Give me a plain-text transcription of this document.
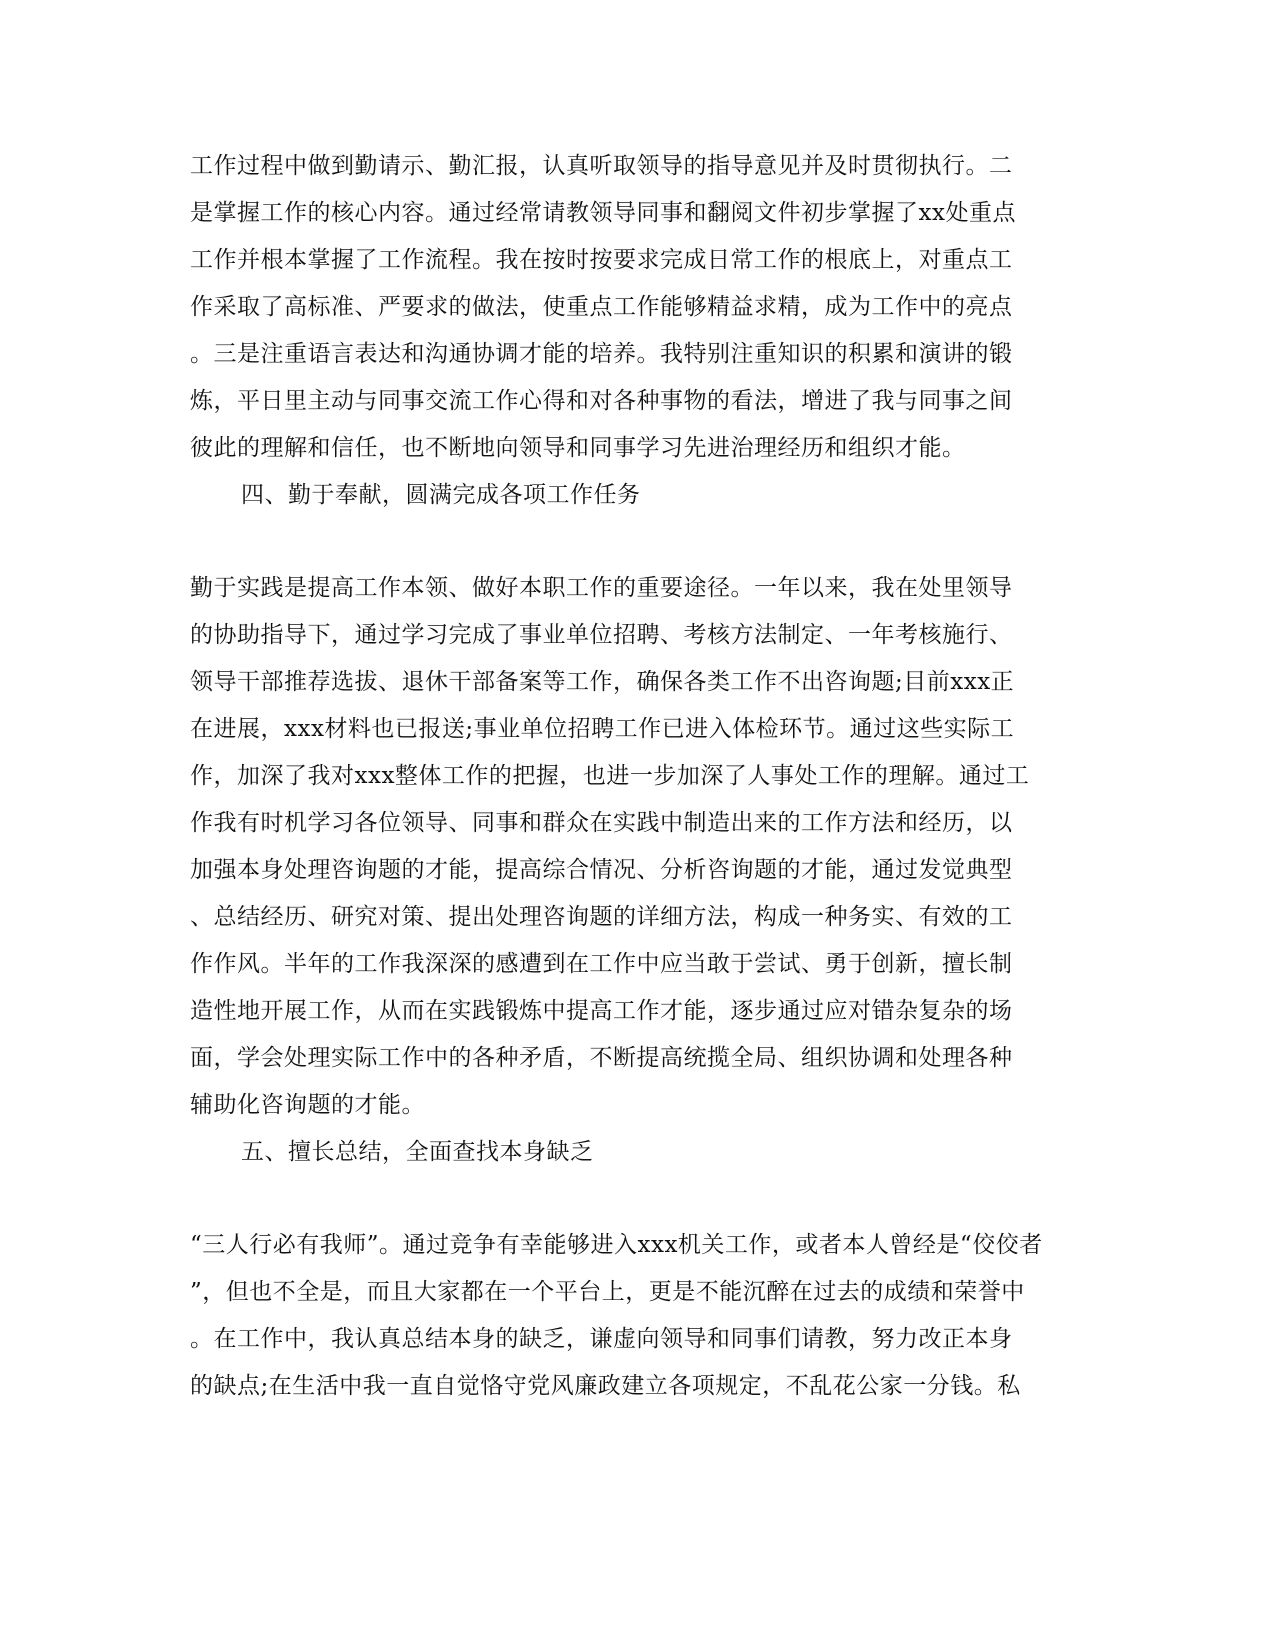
工作过程中做到勤请示、勤汇报，认真听取领导的指导意见并及时贯彻执行。二
是掌握工作的核心内容。通过经常请教领导同事和翻阅文件初步掌握了xx处重点
工作并根本掌握了工作流程。我在按时按要求完成日常工作的根底上，对重点工
作采取了高标准、严要求的做法，使重点工作能够精益求精，成为工作中的亮点
。三是注重语言表达和沟通协调才能的培养。我特别注重知识的积累和演讲的锻
炼，平日里主动与同事交流工作心得和对各种事物的看法，增进了我与同事之间
彼此的理解和信任，也不断地向领导和同事学习先进治理经历和组织才能。
四、勤于奉献，圆满完成各项工作任务
勤于实践是提高工作本领、做好本职工作的重要途径。一年以来，我在处里领导
的协助指导下，通过学习完成了事业单位招聘、考核方法制定、一年考核施行、
领导干部推荐选拔、退休干部备案等工作，确保各类工作不出咨询题;目前xxx正
在进展，xxx材料也已报送;事业单位招聘工作已进入体检环节。通过这些实际工
作，加深了我对xxx整体工作的把握，也进一步加深了人事处工作的理解。通过工
作我有时机学习各位领导、同事和群众在实践中制造出来的工作方法和经历，以
加强本身处理咨询题的才能，提高综合情况、分析咨询题的才能，通过发觉典型
、总结经历、研究对策、提出处理咨询题的详细方法，构成一种务实、有效的工
作作风。半年的工作我深深的感遭到在工作中应当敢于尝试、勇于创新，擅长制
造性地开展工作，从而在实践锻炼中提高工作才能，逐步通过应对错杂复杂的场
面，学会处理实际工作中的各种矛盾，不断提高统揽全局、组织协调和处理各种
辅助化咨询题的才能。
五、擅长总结，全面查找本身缺乏
“三人行必有我师”。通过竞争有幸能够进入xxx机关工作，或者本人曾经是“佼佼者
”，但也不全是，而且大家都在一个平台上，更是不能沉醉在过去的成绩和荣誉中
。在工作中，我认真总结本身的缺乏，谦虚向领导和同事们请教，努力改正本身
的缺点;在生活中我一直自觉恪守党风廉政建立各项规定，不乱花公家一分钱。私
